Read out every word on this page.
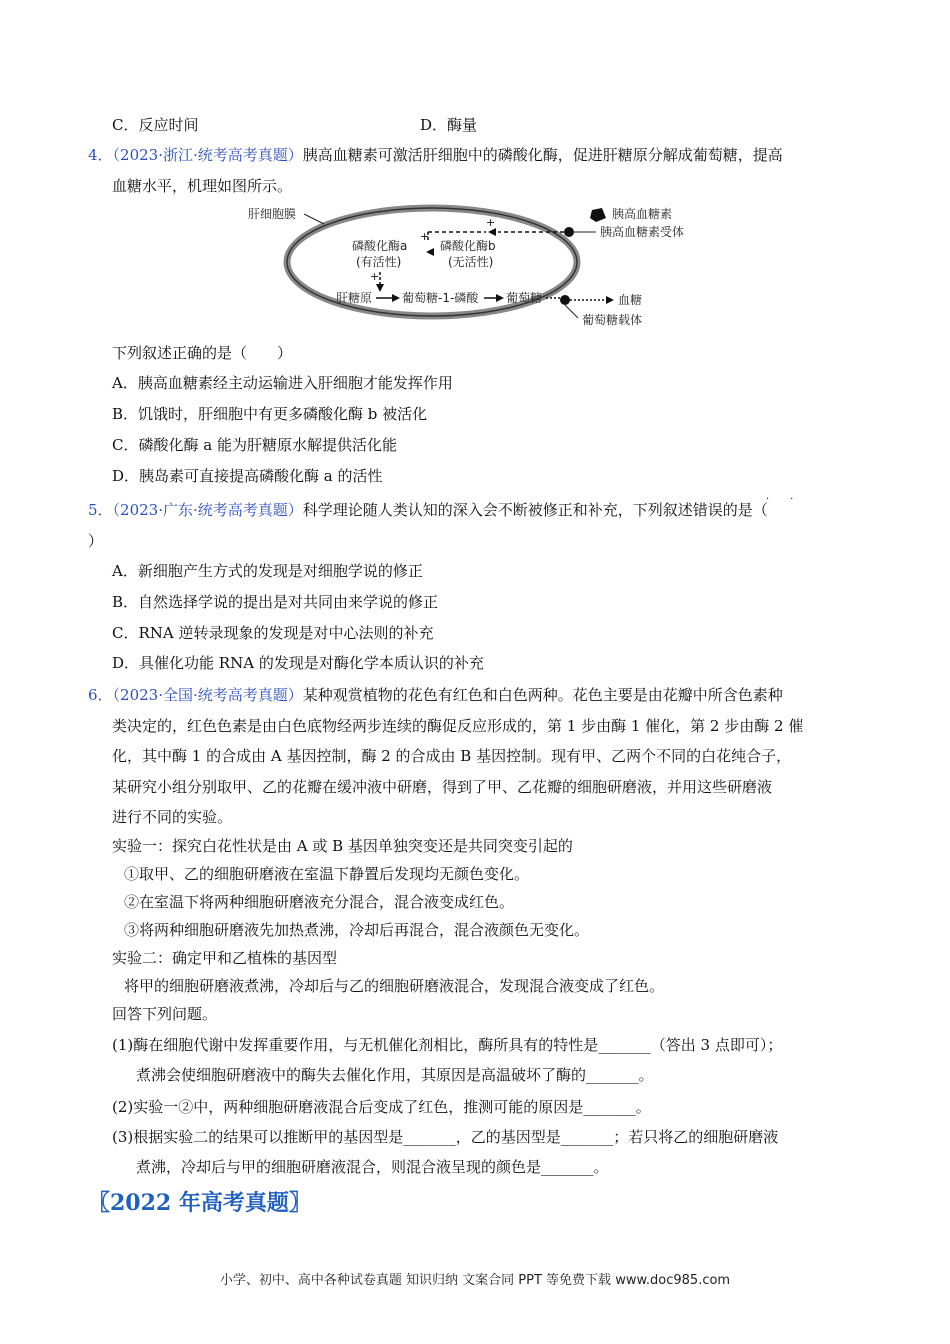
C．反应时间	D．酶量
4．（2023·浙江·统考高考真题）胰高血糖素可激活肝细胞中的磷酸化酶，促进肝糖原分解成葡萄糖，提高
血糖水平，机理如图所示。
肝细胞膜	胰高血糖素
胰高血糖素受体
+
磷酸化酶b
(无活性)
+
磷酸化酶a
(有活性)
+
肝糖原 葡萄糖-1-磷酸 葡萄糖	血糖
葡萄糖载体
下列叙述正确的是（　　）
A．胰高血糖素经主动运输进入肝细胞才能发挥作用
B．饥饿时，肝细胞中有更多磷酸化酶 b 被活化
C．磷酸化酶 a 能为肝糖原水解提供活化能
D．胰岛素可直接提高磷酸化酶 a 的活性
5．（2023·广东·统考高考真题）科学理论随人类认知的深入会不断被修正和补充，下列叙述错误的是（
· ·
）
A．新细胞产生方式的发现是对细胞学说的修正
B．自然选择学说的提出是对共同由来学说的修正
C．RNA 逆转录现象的发现是对中心法则的补充
D．具催化功能 RNA 的发现是对酶化学本质认识的补充
6．（2023·全国·统考高考真题）某种观赏植物的花色有红色和白色两种。花色主要是由花瓣中所含色素种
类决定的，红色色素是由白色底物经两步连续的酶促反应形成的，第 1 步由酶 1 催化，第 2 步由酶 2 催
化，其中酶 1 的合成由 A 基因控制，酶 2 的合成由 B 基因控制。现有甲、乙两个不同的白花纯合子，
某研究小组分别取甲、乙的花瓣在缓冲液中研磨，得到了甲、乙花瓣的细胞研磨液，并用这些研磨液
进行不同的实验。
实验一：探究白花性状是由 A 或 B 基因单独突变还是共同突变引起的
①取甲、乙的细胞研磨液在室温下静置后发现均无颜色变化。
②在室温下将两种细胞研磨液充分混合，混合液变成红色。
③将两种细胞研磨液先加热煮沸，冷却后再混合，混合液颜色无变化。
实验二：确定甲和乙植株的基因型
将甲的细胞研磨液煮沸，冷却后与乙的细胞研磨液混合，发现混合液变成了红色。
回答下列问题。
(1)酶在细胞代谢中发挥重要作用，与无机催化剂相比，酶所具有的特性是_______（答出 3 点即可）；
煮沸会使细胞研磨液中的酶失去催化作用，其原因是高温破坏了酶的_______。
(2)实验一②中，两种细胞研磨液混合后变成了红色，推测可能的原因是_______。
(3)根据实验二的结果可以推断甲的基因型是_______，乙的基因型是_______；若只将乙的细胞研磨液
煮沸，冷却后与甲的细胞研磨液混合，则混合液呈现的颜色是_______。
〖2022 年高考真题〗
小学、初中、高中各种试卷真题 知识归纳 文案合同 PPT 等免费下载 www.doc985.com
